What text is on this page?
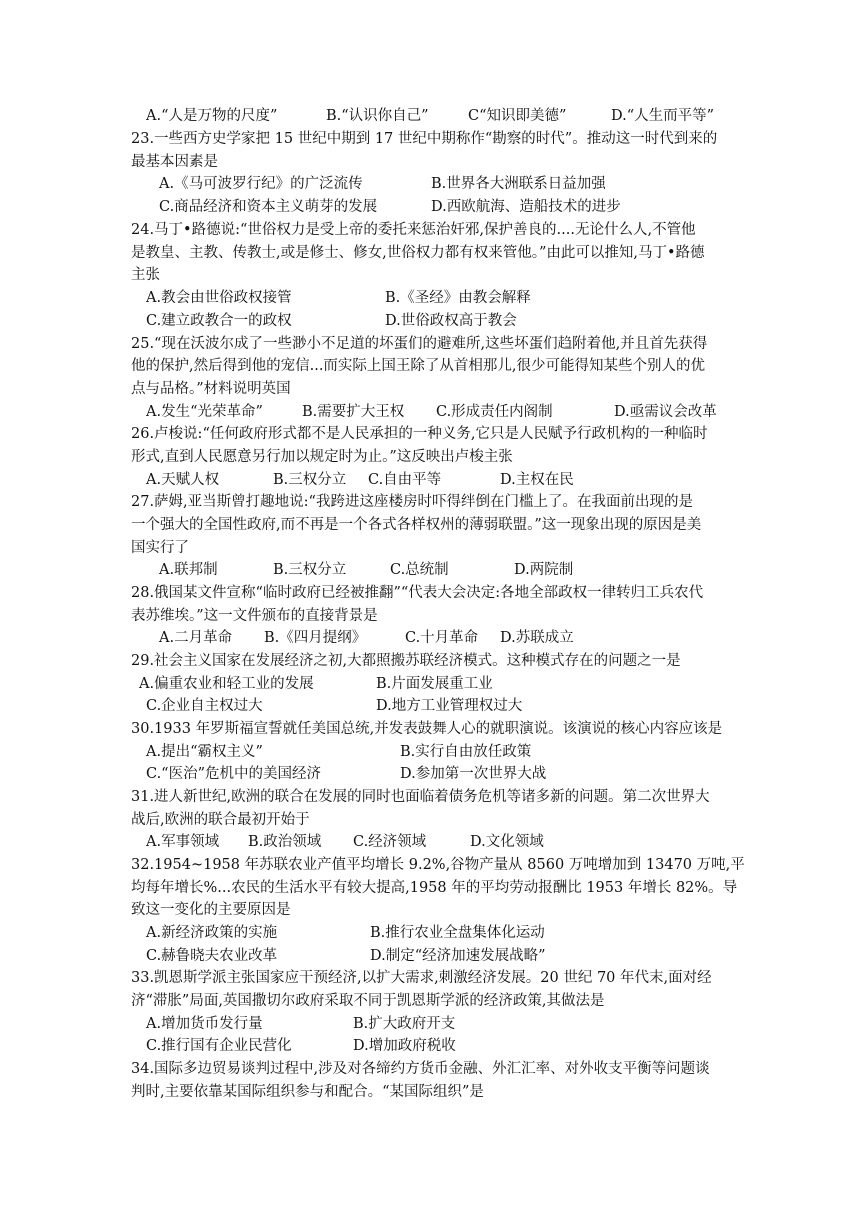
A.“人是万物的尺度”	B.“认识你自己”	C“知识即美德”	D.“人生而平等”
23.一些西方史学家把 15 世纪中期到 17 世纪中期称作“勘察的时代”。推动这一时代到来的
最基本因素是
A.《马可波罗行纪》的广泛流传	B.世界各大洲联系日益加强
C.商品经济和资本主义萌芽的发展	D.西欧航海、造船技术的进步
24.马丁•路德说:“世俗权力是受上帝的委托来惩治奸邪,保护善良的....无论什么人,不管他
是教皇、主教、传教士,或是修士、修女,世俗权力都有权来管他。”由此可以推知,马丁•路德
主张
A.教会由世俗政权接管	B.《圣经》由教会解释
C.建立政教合一的政权	D.世俗政权高于教会
25.“现在沃波尔成了一些渺小不足道的坏蛋们的避难所,这些坏蛋们趋附着他,并且首先获得
他的保护,然后得到他的宠信...而实际上国王除了从首相那儿,很少可能得知某些个别人的优
点与品格。”材料说明英国
A.发生“光荣革命”	B.需要扩大王权 C.形成责任内阁制	D.亟需议会改革
26.卢梭说:“任何政府形式都不是人民承担的一种义务,它只是人民赋予行政机构的一种临时
形式,直到人民愿意另行加以规定时为止。”这反映出卢梭主张
A.天赋人权	B.三权分立 C.自由平等	D.主权在民
27.萨姆,亚当斯曾打趣地说:“我跨进这座楼房时吓得绊倒在门槛上了。在我面前出现的是
一个强大的全国性政府,而不再是一个各式各样权州的薄弱联盟。”这一现象出现的原因是美
国实行了
A.联邦制	B.三权分立	C.总统制	D.两院制
28.俄国某文件宣称“临时政府已经被推翻”“代表大会决定:各地全部政权一律转归工兵农代
表苏维埃。”这一文件颁布的直接背景是
A.二月革命 B.《四月提纲》	C.十月革命 D.苏联成立
29.社会主义国家在发展经济之初,大都照搬苏联经济模式。这种模式存在的问题之一是
A.偏重农业和轻工业的发展	B.片面发展重工业
C.企业自主权过大	D.地方工业管理权过大
30.1933 年罗斯福宣誓就任美国总统,并发表鼓舞人心的就职演说。该演说的核心内容应该是
A.提出“霸权主义”	B.实行自由放任政策
C.“医治”危机中的美国经济	D.参加第一次世界大战
31.进人新世纪,欧洲的联合在发展的同时也面临着债务危机等诸多新的问题。第二次世界大
战后,欧洲的联合最初开始于
A.军事领域 B.政治领域 C.经济领域	D.文化领域
32.1954~1958 年苏联农业产值平均增长 9.2%,谷物产量从 8560 万吨增加到 13470 万吨,平
均每年增长%...农民的生活水平有较大提高,1958 年的平均劳动报酬比 1953 年增长 82%。导
致这一变化的主要原因是
A.新经济政策的实施	B.推行农业全盘集体化运动
C.赫鲁晓夫农业改革	D.制定“经济加速发展战略”
33.凯恩斯学派主张国家应干预经济,以扩大需求,刺激经济发展。20 世纪 70 年代末,面对经
济“滞胀”局面,英国撒切尔政府采取不同于凯恩斯学派的经济政策,其做法是
A.增加货币发行量	B.扩大政府开支
C.推行国有企业民营化	D.增加政府税收
34.国际多边贸易谈判过程中,涉及对各缔约方货币金融、外汇汇率、对外收支平衡等问题谈
判时,主要依靠某国际组织参与和配合。“某国际组织”是
